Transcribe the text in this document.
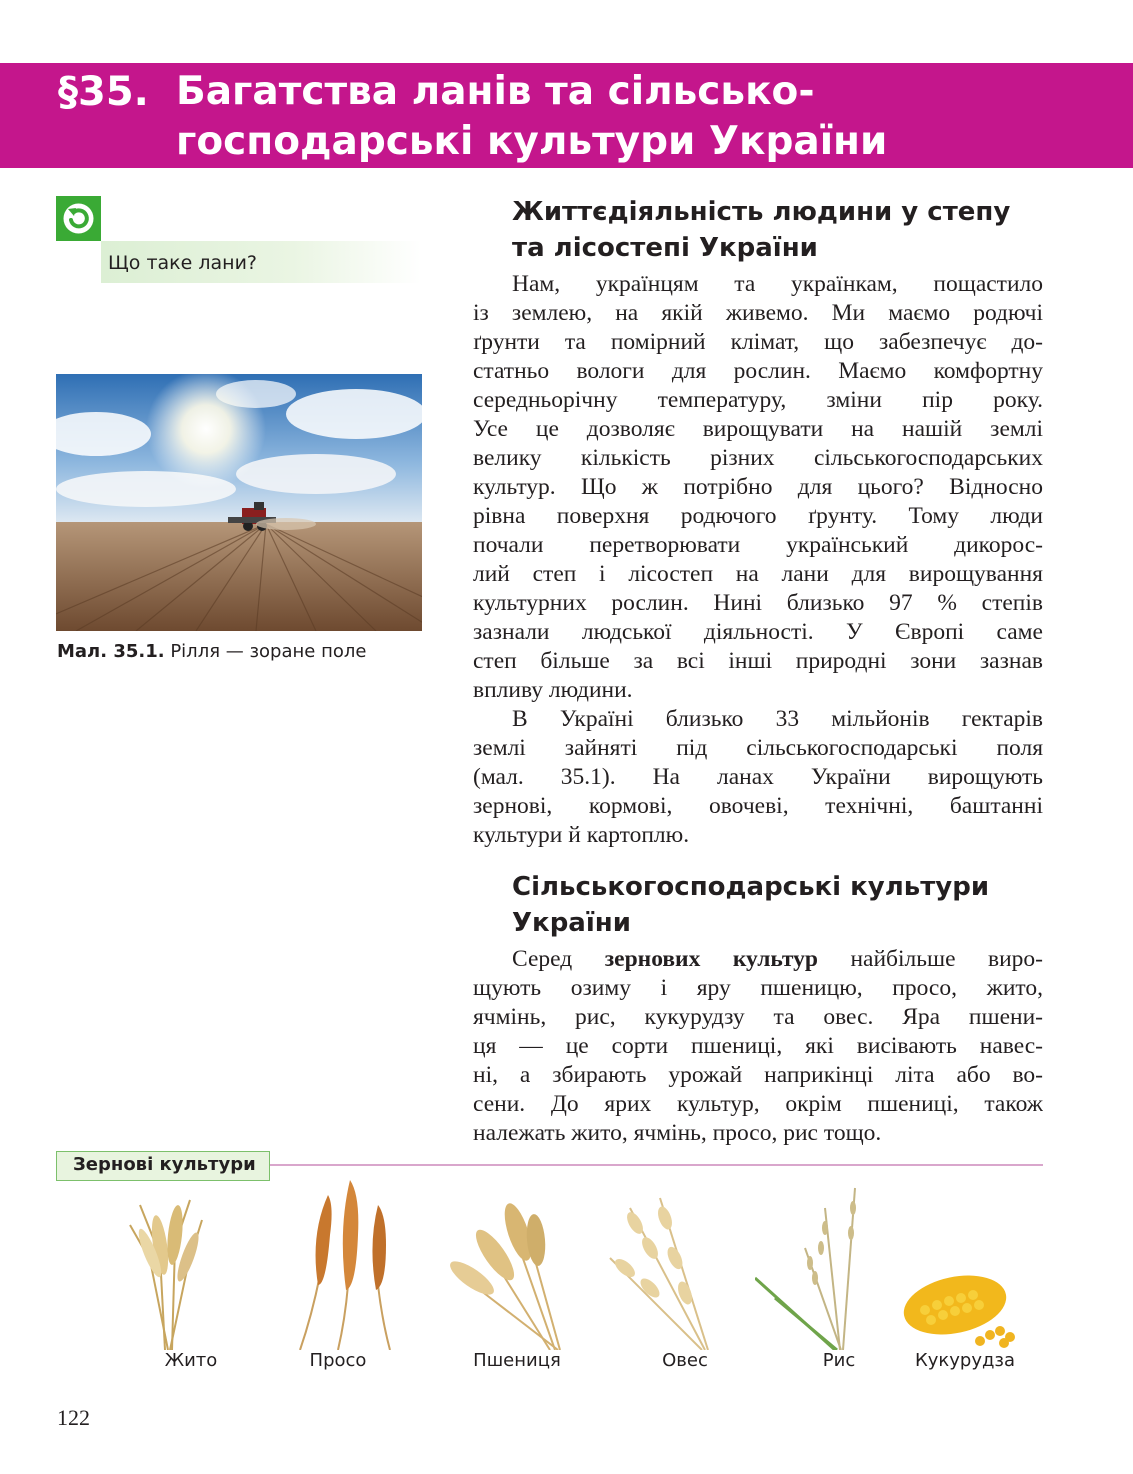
§35. Багатства ланів та сільсько-
господарські культури України
Що таке лани?
Мал. 35.1. Рілля — зоране поле
Життєдіяльність людини у степу
та лісостепі України
Нам, українцям та українкам, пощастило
із землею, на якій живемо. Ми маємо родючі
ґрунти та помірний клімат, що забезпечує до-
статньо вологи для рослин. Маємо комфортну
середньорічну температуру, зміни пір року.
Усе це дозволяє вирощувати на нашій землі
велику кількість різних сільськогосподарських
культур. Що ж потрібно для цього? Відносно
рівна поверхня родючого ґрунту. Тому люди
почали перетворювати український дикорос-
лий степ і лісостеп на лани для вирощування
культурних рослин. Нині близько 97 % степів
зазнали людської діяльності. У Європі саме
степ більше за всі інші природні зони зазнав
впливу людини.
В Україні близько 33 мільйонів гектарів
землі зайняті під сільськогосподарські поля
(мал. 35.1). На ланах України вирощують
зернові, кормові, овочеві, технічні, баштанні
культури й картоплю.
Сільськогосподарські культури
України
Серед зернових культур найбільше виро-
щують озиму і яру пшеницю, просо, жито,
ячмінь, рис, кукурудзу та овес. Яра пшени-
ця — це сорти пшениці, які висівають навес-
ні, а збирають урожай наприкінці літа або во-
сени. До ярих культур, окрім пшениці, також
належать жито, ячмінь, просо, рис тощо.
Зернові культури
Жито	Просо	Пшениця	Овес	Рис	Кукурудза
122
